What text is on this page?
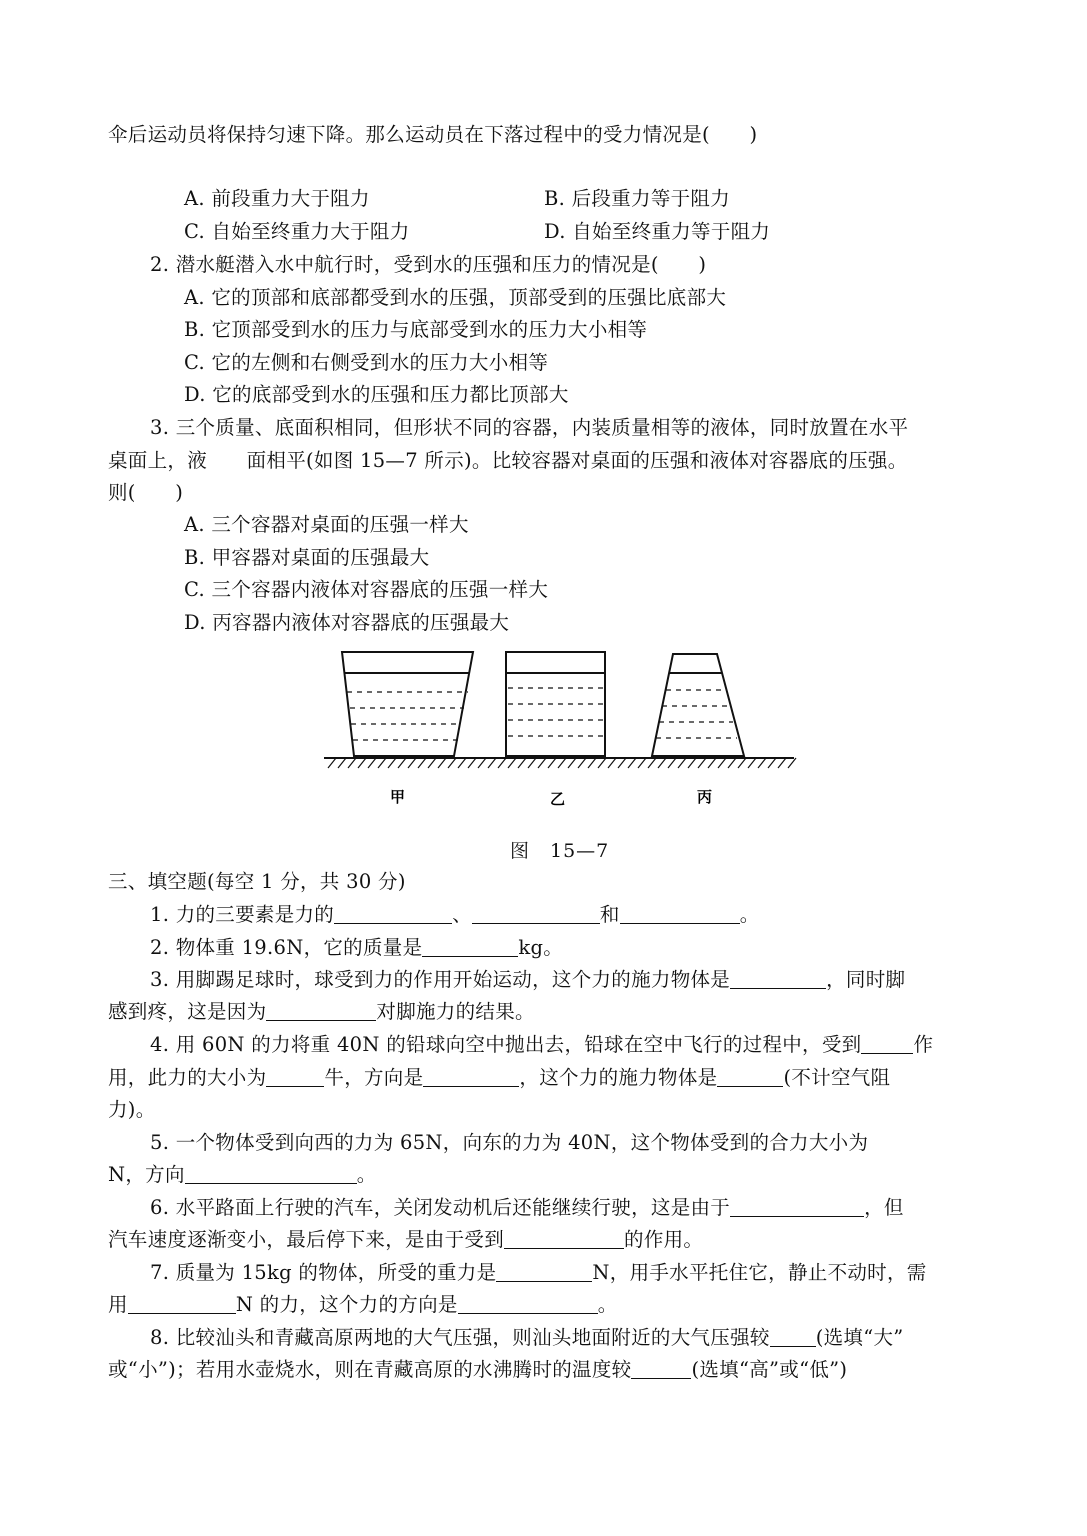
伞后运动员将保持匀速下降。那么运动员在下落过程中的受力情况是(　　)
A. 前段重力大于阻力	B. 后段重力等于阻力
C. 自始至终重力大于阻力	D. 自始至终重力等于阻力
2. 潜水艇潜入水中航行时，受到水的压强和压力的情况是(　　)
A. 它的顶部和底部都受到水的压强，顶部受到的压强比底部大
B. 它顶部受到水的压力与底部受到水的压力大小相等
C. 它的左侧和右侧受到水的压力大小相等
D. 它的底部受到水的压强和压力都比顶部大
3. 三个质量、底面积相同，但形状不同的容器，内装质量相等的液体，同时放置在水平
桌面上，液　　面相平(如图 15—7 所示)。比较容器对桌面的压强和液体对容器底的压强。
则(　　)
A. 三个容器对桌面的压强一样大
B. 甲容器对桌面的压强最大
C. 三个容器内液体对容器底的压强一样大
D. 丙容器内液体对容器底的压强最大
甲	乙	丙
图　15—7
三、填空题(每空 1 分，共 30 分)
1. 力的三要素是力的	、	和	。
2. 物体重 19.6N，它的质量是	kg。
3. 用脚踢足球时，球受到力的作用开始运动，这个力的施力物体是	，同时脚
感到疼，这是因为	对脚施力的结果。
4. 用 60N 的力将重 40N 的铅球向空中抛出去，铅球在空中飞行的过程中，受到	作
用，此力的大小为	牛，方向是	，这个力的施力物体是	(不计空气阻
力)。
5. 一个物体受到向西的力为 65N，向东的力为 40N，这个物体受到的合力大小为
N，方向	。
6. 水平路面上行驶的汽车，关闭发动机后还能继续行驶，这是由于	，但
汽车速度逐渐变小，最后停下来，是由于受到	的作用。
7. 质量为 15kg 的物体，所受的重力是	N，用手水平托住它，静止不动时，需
用	N 的力，这个力的方向是	。
8. 比较汕头和青藏高原两地的大气压强，则汕头地面附近的大气压强较 (选填“大”
或“小”)；若用水壶烧水，则在青藏高原的水沸腾时的温度较	(选填“高”或“低”)
